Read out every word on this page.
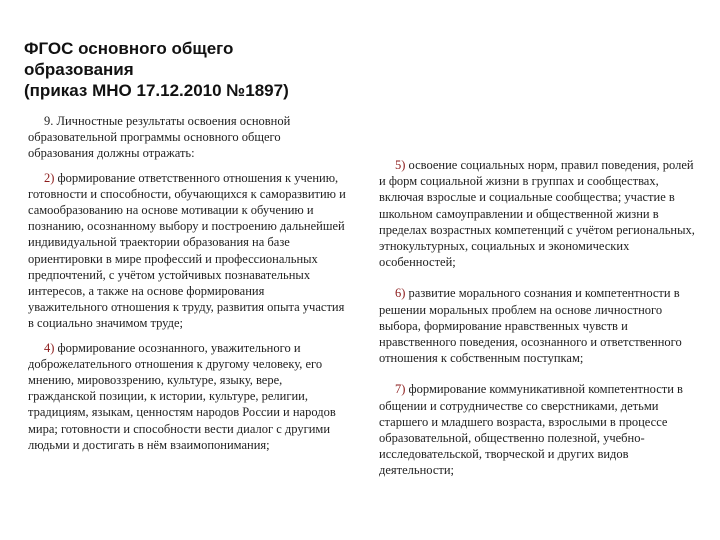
ФГОС основного общего
образования
(приказ МНО 17.12.2010 №1897)

9. Личностные результаты освоения основной образовательной программы основного общего образования должны отражать:

2) формирование ответственного отношения к учению, готовности и способности, обучающихся к саморазвитию и самообразованию на основе мотивации к обучению и познанию, осознанному выбору и построению дальнейшей индивидуальной траектории образования на базе ориентировки в мире профессий и профессиональных предпочтений, с учётом устойчивых познавательных интересов, а также на основе формирования уважительного отношения к труду, развития опыта участия в социально значимом труде;

4) формирование осознанного, уважительного и доброжелательного отношения к другому человеку, его мнению, мировоззрению, культуре, языку, вере, гражданской позиции, к истории, культуре, религии, традициям, языкам, ценностям народов России и народов мира; готовности и способности вести диалог с другими людьми и достигать в нём взаимопонимания;

5) освоение социальных норм, правил поведения, ролей и форм социальной жизни в группах и сообществах, включая взрослые и социальные сообщества; участие в школьном самоуправлении и общественной жизни в пределах возрастных компетенций с учётом региональных, этнокультурных, социальных и экономических особенностей;

6) развитие морального сознания и компетентности в решении моральных проблем на основе личностного выбора, формирование нравственных чувств и нравственного поведения, осознанного и ответственного отношения к собственным поступкам;

7) формирование коммуникативной компетентности в общении и сотрудничестве со сверстниками, детьми старшего и младшего возраста, взрослыми в процессе образовательной, общественно полезной, учебно-исследовательской, творческой и других видов деятельности;
